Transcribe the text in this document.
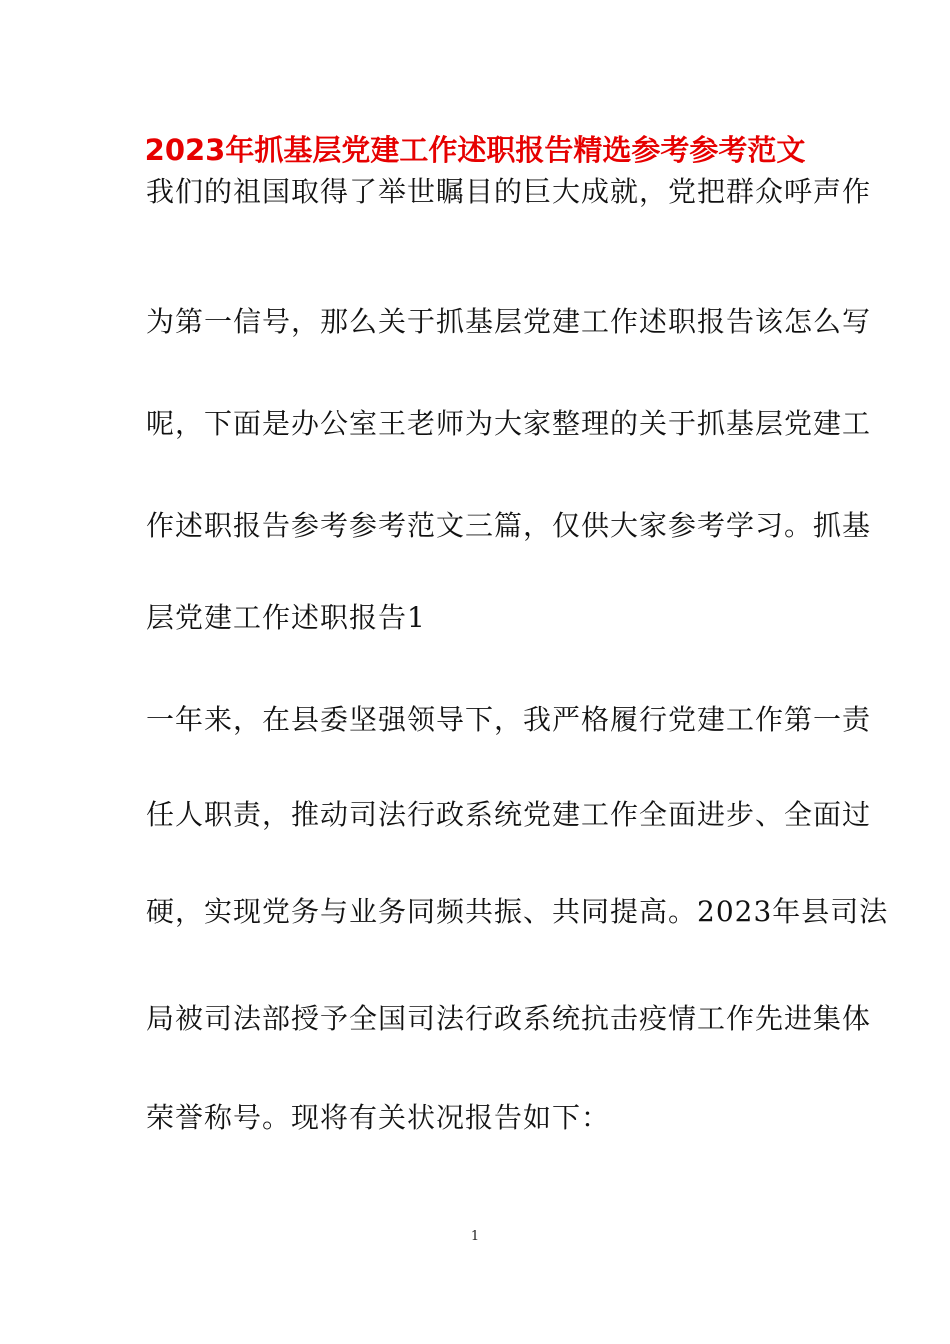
2023年抓基层党建工作述职报告精选参考参考范文
我们的祖国取得了举世瞩目的巨大成就，党把群众呼声作
为第一信号，那么关于抓基层党建工作述职报告该怎么写
呢，下面是办公室王老师为大家整理的关于抓基层党建工
作述职报告参考参考范文三篇，仅供大家参考学习。抓基
层党建工作述职报告1
一年来，在县委坚强领导下，我严格履行党建工作第一责
任人职责，推动司法行政系统党建工作全面进步、全面过
硬，实现党务与业务同频共振、共同提高。2023年县司法
局被司法部授予全国司法行政系统抗击疫情工作先进集体
荣誉称号。现将有关状况报告如下：
1
